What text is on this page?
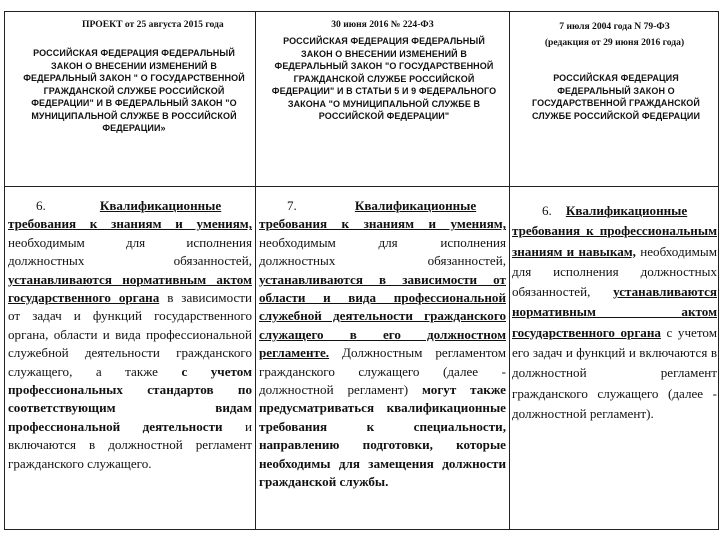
ПРОЕКТ от 25 августа 2015 года
РОССИЙСКАЯ ФЕДЕРАЦИЯ ФЕДЕРАЛЬНЫЙ ЗАКОН О ВНЕСЕНИИ ИЗМЕНЕНИЙ В ФЕДЕРАЛЬНЫЙ ЗАКОН " О ГОСУДАРСТВЕННОЙ ГРАЖДАНСКОЙ СЛУЖБЕ РОССИЙСКОЙ ФЕДЕРАЦИИ" И В ФЕДЕРАЛЬНЫЙ ЗАКОН "О МУНИЦИПАЛЬНОЙ СЛУЖБЕ В РОССИЙСКОЙ ФЕДЕРАЦИИ»
30 июня 2016 № 224-ФЗ
РОССИЙСКАЯ ФЕДЕРАЦИЯ ФЕДЕРАЛЬНЫЙ ЗАКОН О ВНЕСЕНИИ ИЗМЕНЕНИЙ В ФЕДЕРАЛЬНЫЙ ЗАКОН "О ГОСУДАРСТВЕННОЙ ГРАЖДАНСКОЙ СЛУЖБЕ РОССИЙСКОЙ ФЕДЕРАЦИИ" И В СТАТЬИ 5 И 9 ФЕДЕРАЛЬНОГО ЗАКОНА "О МУНИЦИПАЛЬНОЙ СЛУЖБЕ В РОССИЙСКОЙ ФЕДЕРАЦИИ"
7 июля 2004 года N 79-ФЗ
(редакция от 29 июня 2016 года)
РОССИЙСКАЯ ФЕДЕРАЦИЯ ФЕДЕРАЛЬНЫЙ ЗАКОН О ГОСУДАРСТВЕННОЙ ГРАЖДАНСКОЙ СЛУЖБЕ РОССИЙСКОЙ ФЕДЕРАЦИИ

6.	Квалификационные требования к знаниям и умениям, необходимым для исполнения должностных обязанностей, устанавливаются нормативным актом государственного органа в зависимости от задач и функций государственного органа, области и вида профессиональной служебной деятельности гражданского служащего, а также с учетом профессиональных стандартов по соответствующим видам профессиональной деятельности и включаются в должностной регламент гражданского служащего.

7.	Квалификационные требования к знаниям и умениям, необходимым для исполнения должностных обязанностей, устанавливаются в зависимости от области и вида профессиональной служебной деятельности гражданского служащего в его должностном регламенте. Должностным регламентом гражданского служащего (далее - должностной регламент) могут также предусматриваться квалификационные требования к специальности, направлению подготовки, которые необходимы для замещения должности гражданской службы.

6. Квалификационные требования к профессиональным знаниям и навыкам, необходимым для исполнения должностных обязанностей, устанавливаются нормативным актом государственного органа с учетом его задач и функций и включаются в должностной регламент гражданского служащего (далее - должностной регламент).
